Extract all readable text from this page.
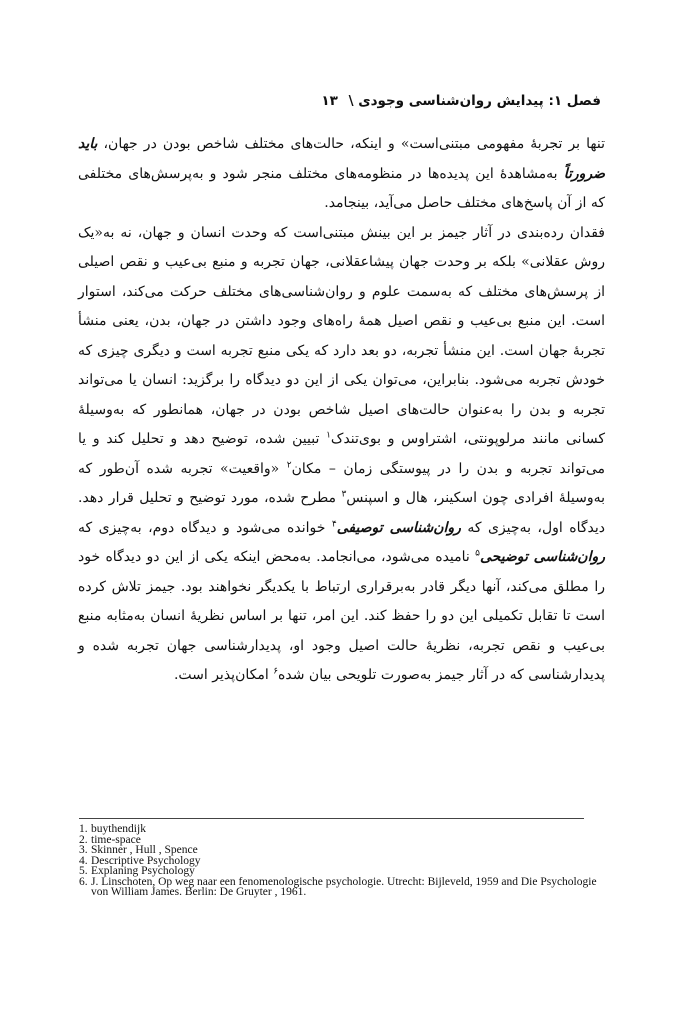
فصل ۱: پیدایش روان‌شناسی وجودی \ ۱۳

تنها بر تجربهٔ مفهومی مبتنی‌است» و اینکه، حالت‌های مختلف شاخص بودن در جهان، باید ضرورتاً به‌مشاهدهٔ این پدیده‌ها در منظومه‌های مختلف منجر شود و به‌پرسش‌های مختلفی که از آن پاسخ‌های مختلف حاصل می‌آید، بینجامد.

فقدان رده‌بندی در آثار جیمز بر این بینش مبتنی‌است که وحدت انسان و جهان، نه به«یک روش عقلانی» بلکه بر وحدت جهان پیشاعقلانی، جهان تجربه و منبع بی‌عیب و نقص اصیلی از پرسش‌های مختلف که به‌سمت علوم و روان‌شناسی‌های مختلف حرکت می‌کند، استوار است. این منبع بی‌عیب و نقص اصیل همهٔ راه‌های وجود داشتن در جهان، بدن، یعنی منشأ تجربهٔ جهان است. این منشأ تجربه، دو بعد دارد که یکی منبع تجربه است و دیگری چیزی که خودش تجربه می‌شود. بنابراین، می‌توان یکی از این دو دیدگاه را برگزید: انسان یا می‌تواند تجربه و بدن را به‌عنوان حالت‌های اصیل شاخص بودن در جهان، همانطور که به‌وسیلهٔ کسانی مانند مرلوپونتی، اشتراوس و بوی‌تندک$^۱$ تبیین شده، توضیح دهد و تحلیل کند و یا می‌تواند تجربه و بدن را در پیوستگی زمان – مکان$^۲$ «واقعیت» تجربه شده آن‌طور که به‌وسیلهٔ افرادی چون اسکینر، هال و اسپنس$^۳$ مطرح شده، مورد توضیح و تحلیل قرار دهد. دیدگاه اول، به‌چیزی که روان‌شناسی توصیفی$^۴$ خوانده می‌شود و دیدگاه دوم، به‌چیزی که روان‌شناسی توضیحی$^۵$ نامیده می‌شود، می‌انجامد. به‌محض اینکه یکی از این دو دیدگاه خود را مطلق می‌کند، آنها دیگر قادر به‌برقراری ارتباط با یکدیگر نخواهند بود. جیمز تلاش کرده است تا تقابل تکمیلی این دو را حفظ کند. این امر، تنها بر اساس نظریهٔ انسان به‌مثابه منبع بی‌عیب و نقص تجربه، نظریهٔ حالت اصیل وجود او، پدیدارشناسی جهان تجربه شده و پدیدارشناسی که در آثار جیمز به‌صورت تلویحی بیان شده$^۶$ امکان‌پذیر است.

1. buythendijk
2. time-space
3. Skinner , Hull , Spence
4. Descriptive Psychology
5. Explaning Psychology
6. J. Linschoten, Op weg naar een fenomenologische psychologie. Utrecht: Bijleveld, 1959 and Die Psychologie von William James. Berlin: De Gruyter , 1961.
